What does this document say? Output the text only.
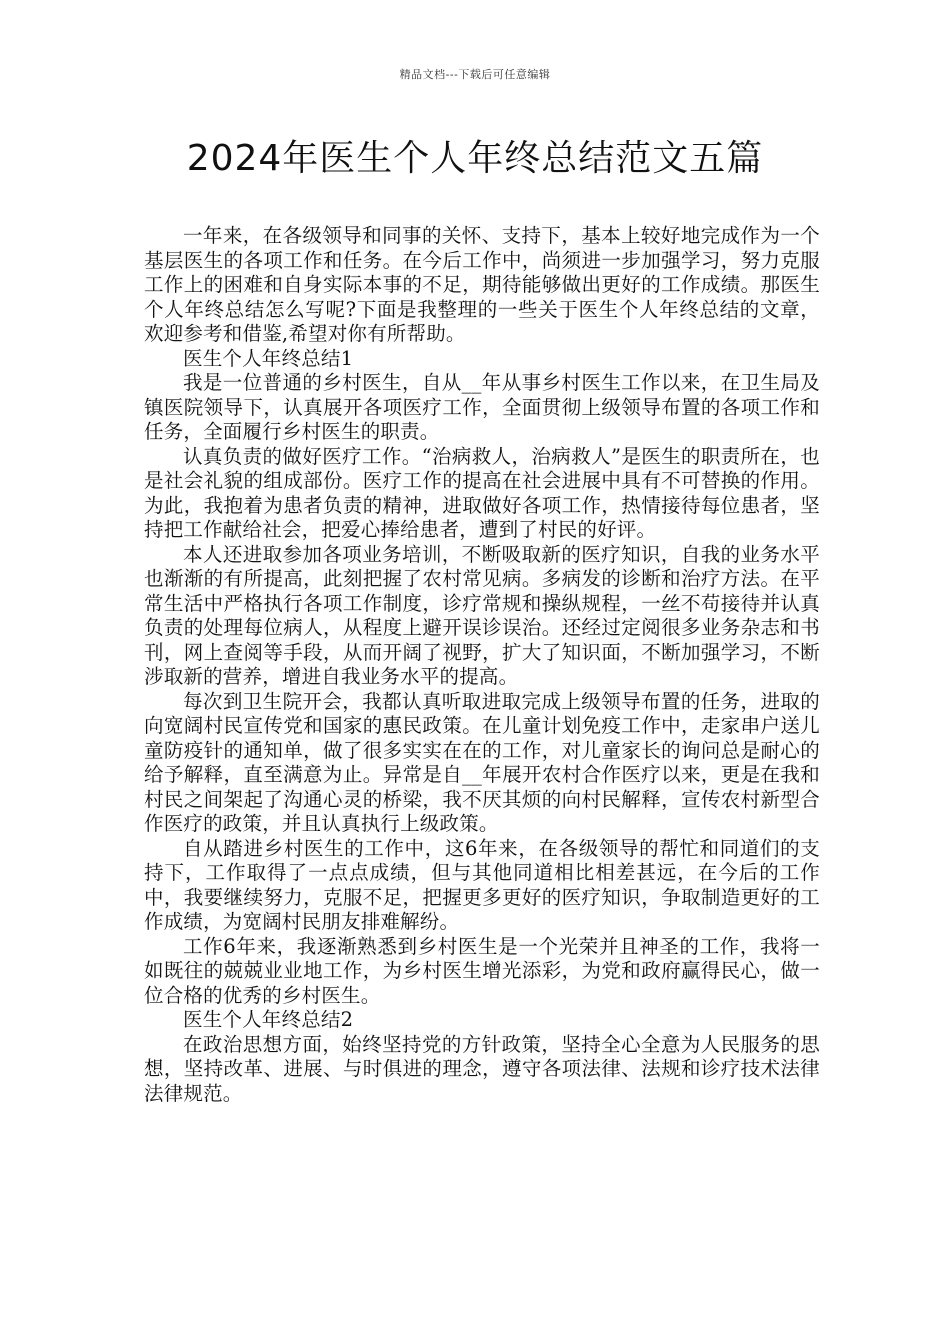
精品文档---下载后可任意编辑
2024年医生个人年终总结范文五篇

一年来，在各级领导和同事的关怀、支持下，基本上较好地完成作为一个基层医生的各项工作和任务。在今后工作中，尚须进一步加强学习，努力克服工作上的困难和自身实际本事的不足，期待能够做出更好的工作成绩。那医生个人年终总结怎么写呢?下面是我整理的一些关于医生个人年终总结的文章，欢迎参考和借鉴,希望对你有所帮助。

医生个人年终总结1

我是一位普通的乡村医生，自从__年从事乡村医生工作以来，在卫生局及镇医院领导下，认真展开各项医疗工作，全面贯彻上级领导布置的各项工作和任务，全面履行乡村医生的职责。

认真负责的做好医疗工作。“治病救人，治病救人”是医生的职责所在，也是社会礼貌的组成部份。医疗工作的提高在社会进展中具有不可替换的作用。为此，我抱着为患者负责的精神，进取做好各项工作，热情接待每位患者，坚持把工作献给社会，把爱心捧给患者，遭到了村民的好评。

本人还进取参加各项业务培训，不断吸取新的医疗知识，自我的业务水平也渐渐的有所提高，此刻把握了农村常见病。多病发的诊断和治疗方法。在平常生活中严格执行各项工作制度，诊疗常规和操纵规程，一丝不苟接待并认真负责的处理每位病人，从程度上避开误诊误治。还经过定阅很多业务杂志和书刊，网上查阅等手段，从而开阔了视野，扩大了知识面，不断加强学习，不断涉取新的营养，增进自我业务水平的提高。

每次到卫生院开会，我都认真听取进取完成上级领导布置的任务，进取的向宽阔村民宣传党和国家的惠民政策。在儿童计划免疫工作中，走家串户送儿童防疫针的通知单，做了很多实实在在的工作，对儿童家长的询问总是耐心的给予解释，直至满意为止。异常是自__年展开农村合作医疗以来，更是在我和村民之间架起了沟通心灵的桥梁，我不厌其烦的向村民解释，宣传农村新型合作医疗的政策，并且认真执行上级政策。

自从踏进乡村医生的工作中，这6年来，在各级领导的帮忙和同道们的支持下，工作取得了一点点成绩，但与其他同道相比相差甚远，在今后的工作中，我要继续努力，克服不足，把握更多更好的医疗知识，争取制造更好的工作成绩，为宽阔村民朋友排难解纷。

工作6年来，我逐渐熟悉到乡村医生是一个光荣并且神圣的工作，我将一如既往的兢兢业业地工作，为乡村医生增光添彩，为党和政府赢得民心，做一位合格的优秀的乡村医生。

医生个人年终总结2

在政治思想方面，始终坚持党的方针政策，坚持全心全意为人民服务的思想，坚持改革、进展、与时俱进的理念，遵守各项法律、法规和诊疗技术法律法律规范。
